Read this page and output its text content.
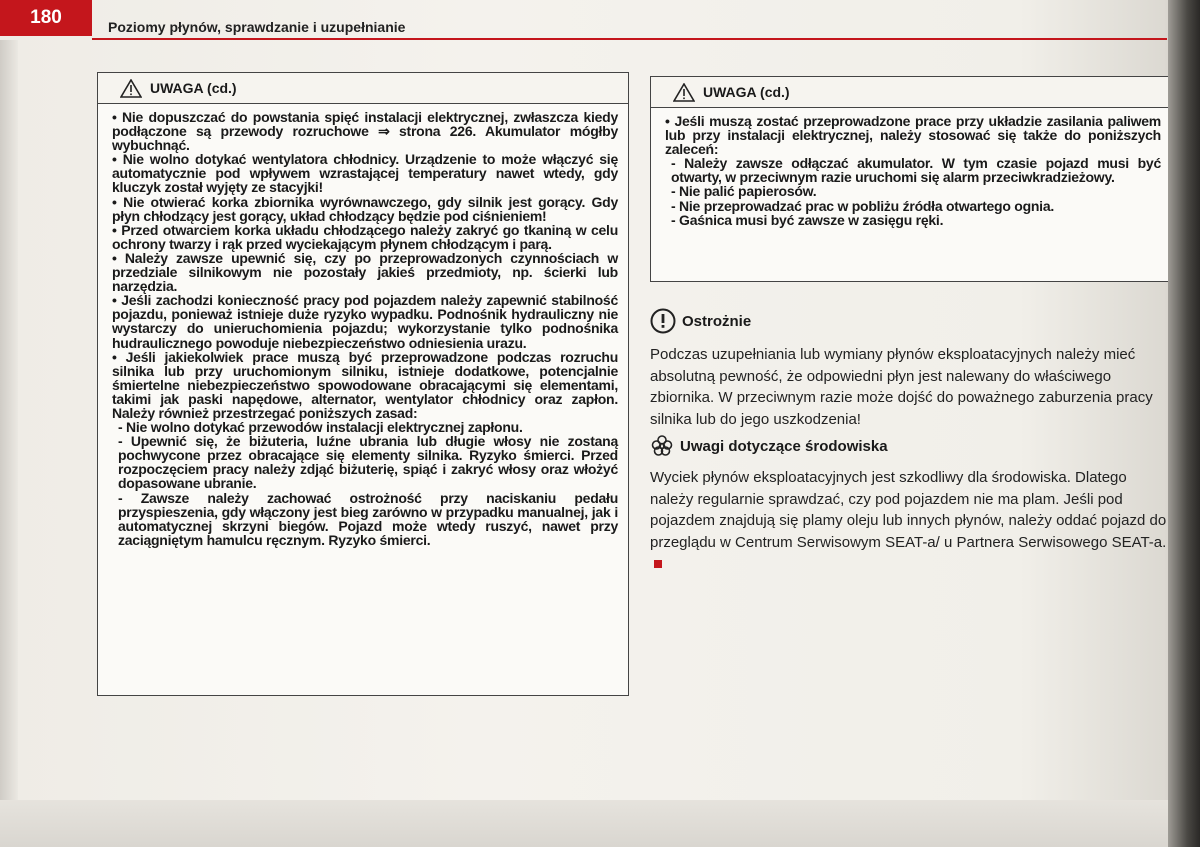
180	Poziomy płynów, sprawdzanie i uzupełnianie
UWAGA (cd.)

• Nie dopuszczać do powstania spięć instalacji elektrycznej, zwłaszcza kiedy podłączone są przewody rozruchowe ⇒ strona 226. Akumulator mógłby wybuchnąć.

• Nie wolno dotykać wentylatora chłodnicy. Urządzenie to może włączyć się automatycznie pod wpływem wzrastającej temperatury nawet wtedy, gdy kluczyk został wyjęty ze stacyjki!

• Nie otwierać korka zbiornika wyrównawczego, gdy silnik jest gorący. Gdy płyn chłodzący jest gorący, układ chłodzący będzie pod ciśnieniem!

• Przed otwarciem korka układu chłodzącego należy zakryć go tkaniną w celu ochrony twarzy i rąk przed wyciekającym płynem chłodzącym i parą.

• Należy zawsze upewnić się, czy po przeprowadzonych czynnościach w przedziale silnikowym nie pozostały jakieś przedmioty, np. ścierki lub narzędzia.

• Jeśli zachodzi konieczność pracy pod pojazdem należy zapewnić stabilność pojazdu, ponieważ istnieje duże ryzyko wypadku. Podnośnik hydrauliczny nie wystarczy do unieruchomienia pojazdu; wykorzystanie tylko podnośnika hudraulicznego powoduje niebezpieczeństwo odniesienia urazu.

• Jeśli jakiekolwiek prace muszą być przeprowadzone podczas rozruchu silnika lub przy uruchomionym silniku, istnieje dodatkowe, potencjalnie śmiertelne niebezpieczeństwo spowodowane obracającymi się elementami, takimi jak paski napędowe, alternator, wentylator chłodnicy oraz zapłon. Należy również przestrzegać poniższych zasad:

- Nie wolno dotykać przewodów instalacji elektrycznej zapłonu.

- Upewnić się, że biżuteria, luźne ubrania lub długie włosy nie zostaną pochwycone przez obracające się elementy silnika. Ryzyko śmierci. Przed rozpoczęciem pracy należy zdjąć biżuterię, spiąć i zakryć włosy oraz włożyć dopasowane ubranie.

- Zawsze należy zachować ostrożność przy naciskaniu pedału przyspieszenia, gdy włączony jest bieg zarówno w przypadku manualnej, jak i automatycznej skrzyni biegów. Pojazd może wtedy ruszyć, nawet przy zaciągniętym hamulcu ręcznym. Ryzyko śmierci.

UWAGA (cd.)

• Jeśli muszą zostać przeprowadzone prace przy układzie zasilania paliwem lub przy instalacji elektrycznej, należy stosować się także do poniższych zaleceń:

- Należy zawsze odłączać akumulator. W tym czasie pojazd musi być otwarty, w przeciwnym razie uruchomi się alarm przeciwkradzieżowy.

- Nie palić papierosów.

- Nie przeprowadzać prac w pobliżu źródła otwartego ognia.

- Gaśnica musi być zawsze w zasięgu ręki.

Ostrożnie
Podczas uzupełniania lub wymiany płynów eksploatacyjnych należy mieć absolutną pewność, że odpowiedni płyn jest nalewany do właściwego zbiornika. W przeciwnym razie może dojść do poważnego zaburzenia pracy silnika lub do jego uszkodzenia!
Uwagi dotyczące środowiska
Wyciek płynów eksploatacyjnych jest szkodliwy dla środowiska. Dlatego należy regularnie sprawdzać, czy pod pojazdem nie ma plam. Jeśli pod pojazdem znajdują się plamy oleju lub innych płynów, należy oddać pojazd do przeglądu w Centrum Serwisowym SEAT-a/ u Partnera Serwisowego SEAT-a.
